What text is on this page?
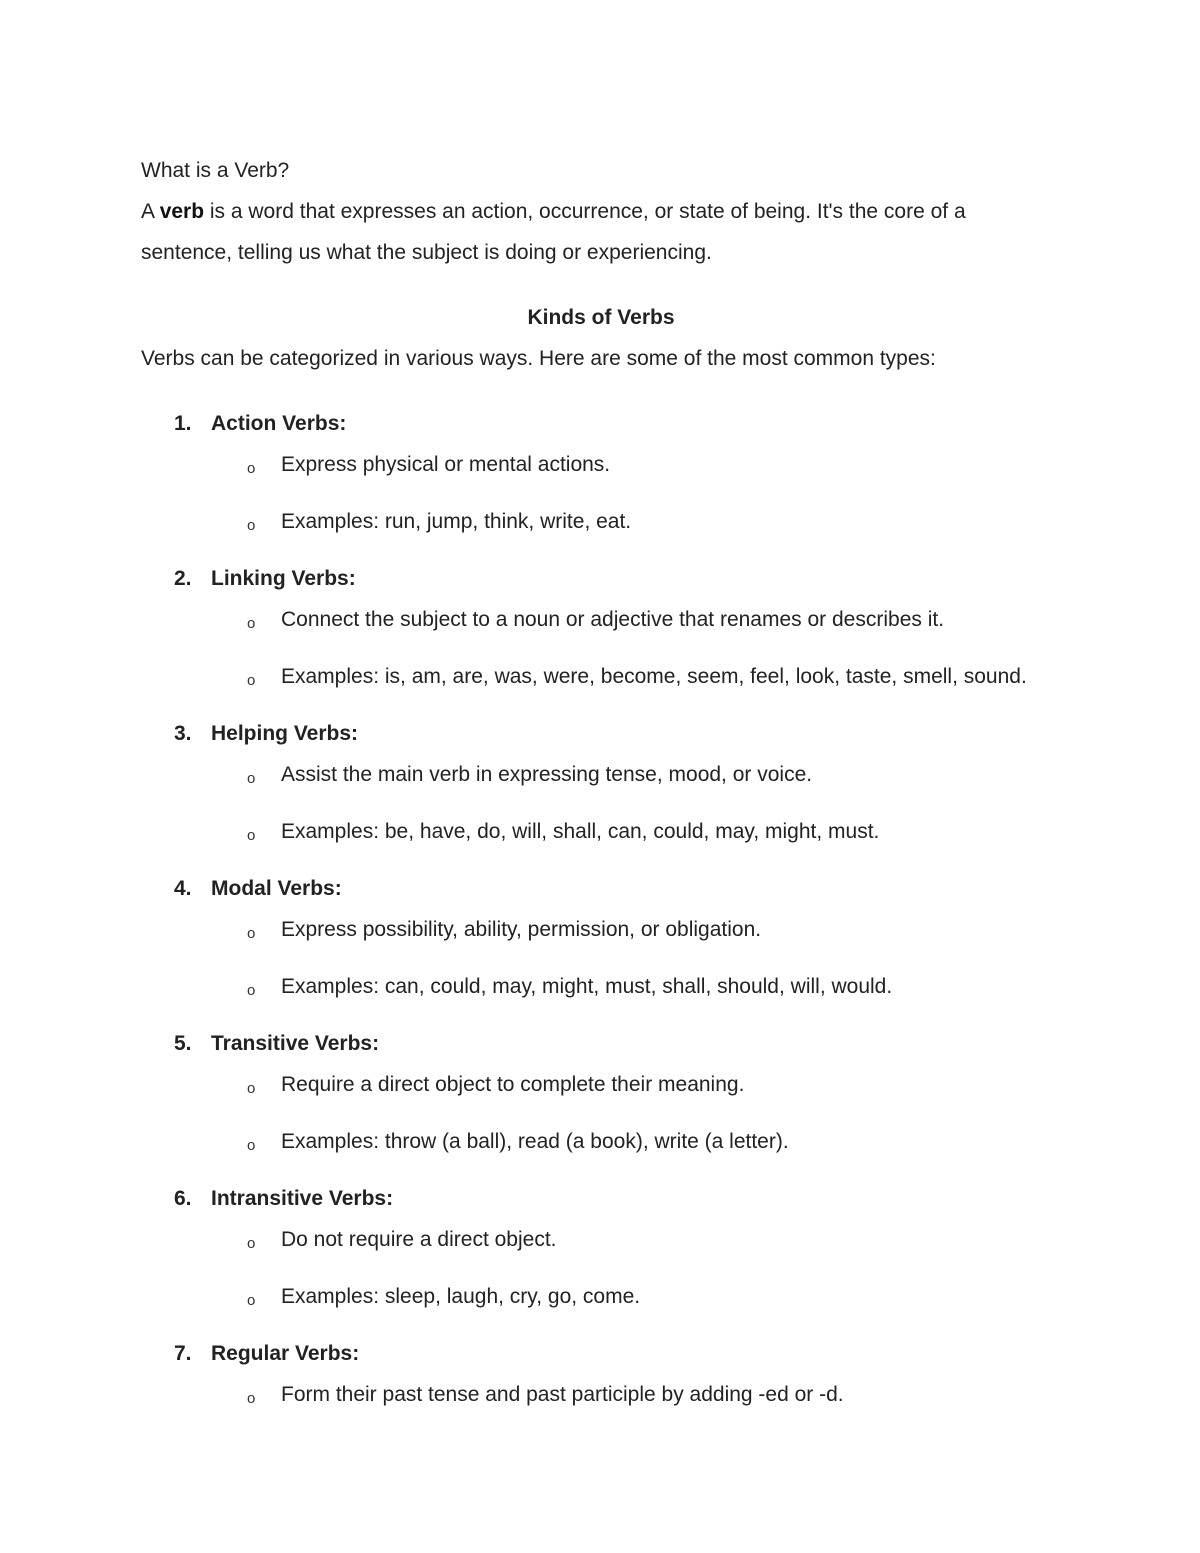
What is a Verb?

A verb is a word that expresses an action, occurrence, or state of being. It's the core of a sentence, telling us what the subject is doing or experiencing.

Kinds of Verbs

Verbs can be categorized in various ways. Here are some of the most common types:

1. Action Verbs:
o	Express physical or mental actions.
o	Examples: run, jump, think, write, eat.
2. Linking Verbs:
o	Connect the subject to a noun or adjective that renames or describes it.
o	Examples: is, am, are, was, were, become, seem, feel, look, taste, smell, sound.
3. Helping Verbs:
o	Assist the main verb in expressing tense, mood, or voice.
o	Examples: be, have, do, will, shall, can, could, may, might, must.
4. Modal Verbs:
o	Express possibility, ability, permission, or obligation.
o	Examples: can, could, may, might, must, shall, should, will, would.
5. Transitive Verbs:
o	Require a direct object to complete their meaning.
o	Examples: throw (a ball), read (a book), write (a letter).
6. Intransitive Verbs:
o	Do not require a direct object.
o	Examples: sleep, laugh, cry, go, come.
7. Regular Verbs:
o	Form their past tense and past participle by adding -ed or -d.
